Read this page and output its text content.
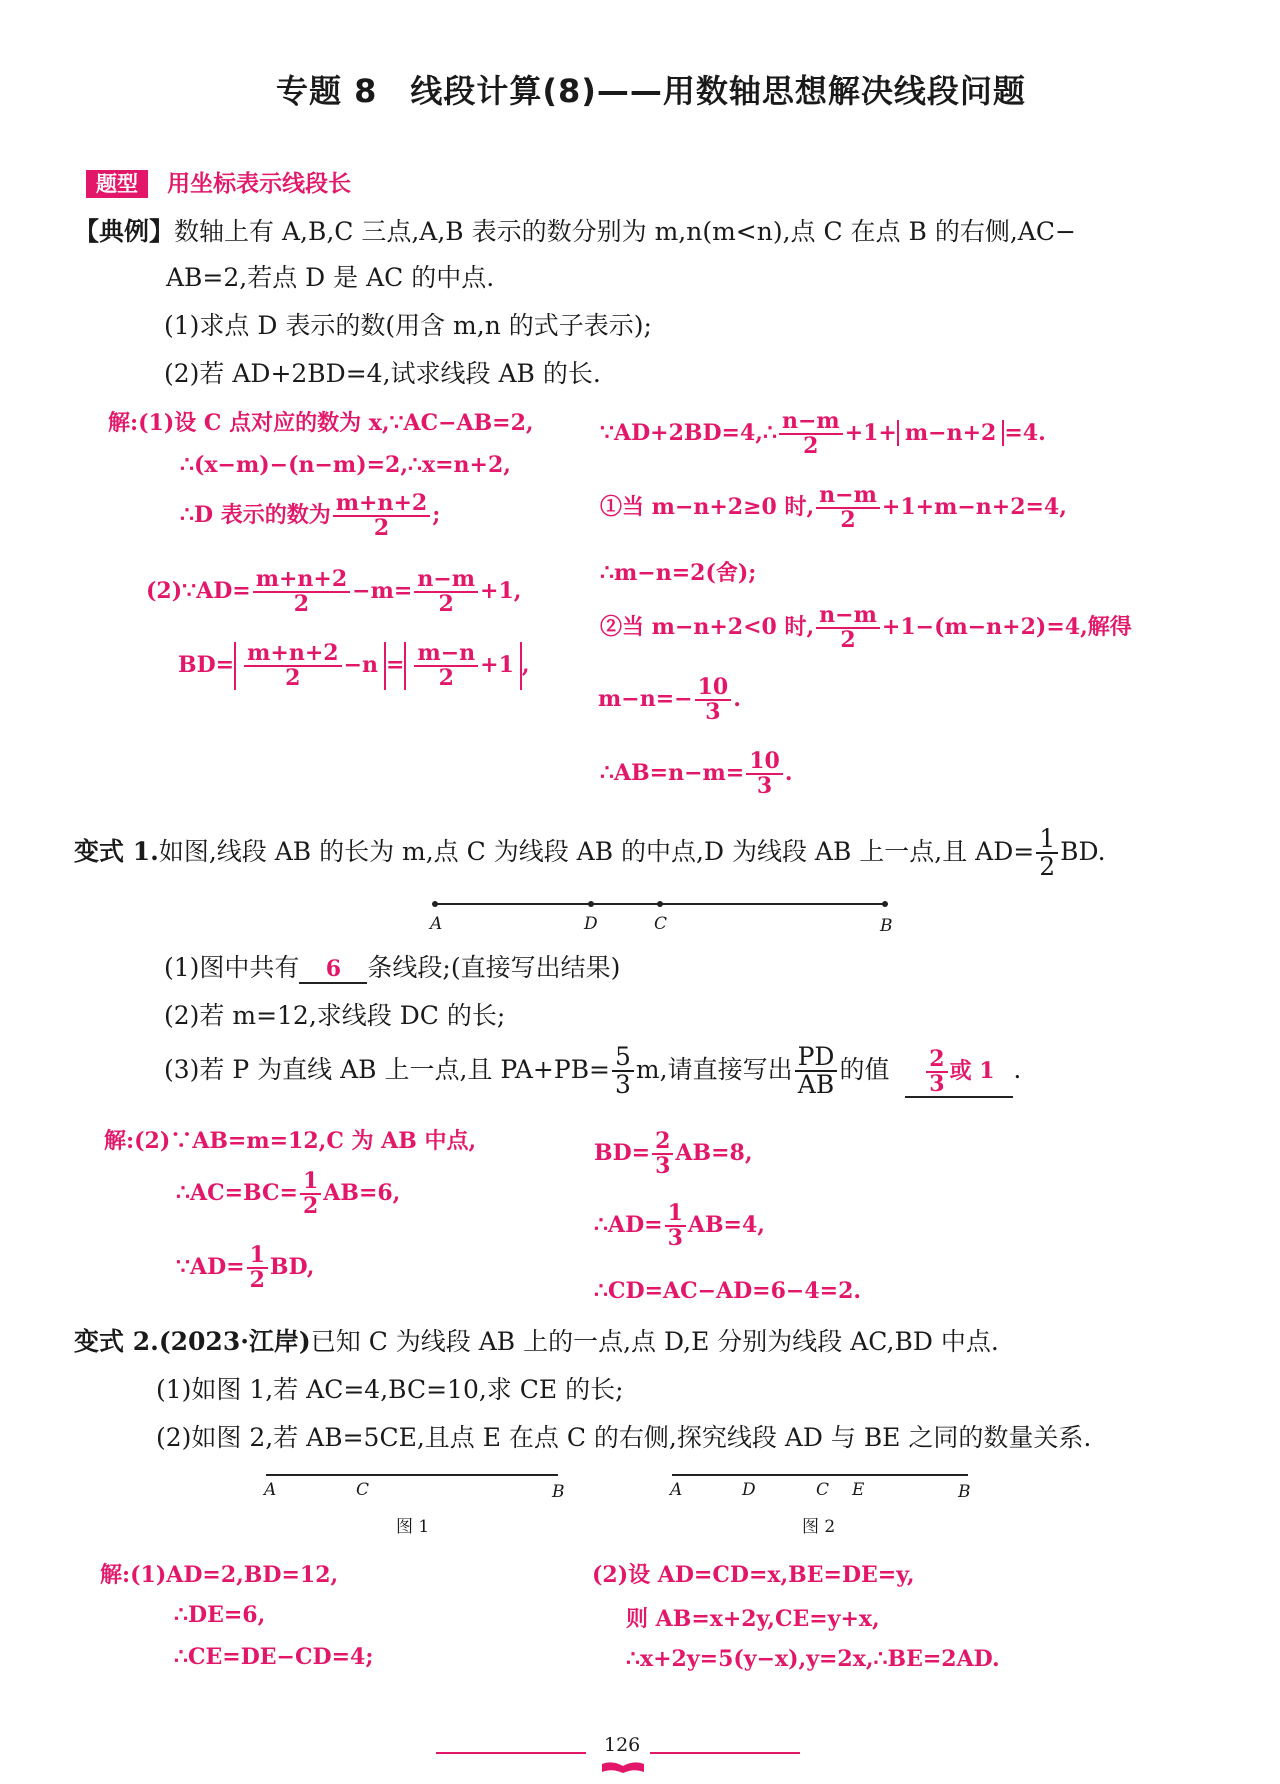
专题 8　线段计算(8)——用数轴思想解决线段问题
题型 用坐标表示线段长
【典例】数轴上有 A,B,C 三点,A,B 表示的数分别为 m,n(m<n),点 C 在点 B 的右侧,AC−
AB=2,若点 D 是 AC 的中点.
(1)求点 D 表示的数(用含 m,n 的式子表示);
(2)若 AD+2BD=4,试求线段 AB 的长.
解:(1)设 C 点对应的数为 x,∵AC−AB=2,
∴(x−m)−(n−m)=2,∴x=n+2,
∴D 表示的数为 $\frac{m+n+2}{2}$ ;
(2)∵AD= $\frac{m+n+2}{2} -m= \frac{n-m}{2} +1$,
$BD= \frac{m+n+2}{2} -n = \frac{m-n}{2} +1$ ,
∵AD+2BD=4,∴ $\frac{n-m}{2} +1+ m-n+2 =4$.
①当 m−n+2≥0 时, $\frac{n-m}{2} +1+m-n+2=4$,
∴m−n=2(舍);
②当 m−n+2<0 时, $\frac{n-m}{2} +1-(m-n+2)=4$,解得
$m-n=- \frac{10}{3}$ .
∴AB=n−m= $\frac{10}{3}$ .
变式 1.如图,线段 AB 的长为 m,点 C 为线段 AB 的中点,D 为线段 AB 上一点,且 $AD= \frac{1}{2}$ BD.
A	D	C	B
(1)图中共有 6 条线段;(直接写出结果)
(2)若 m=12,求线段 DC 的长;
(3)若 P 为直线 AB 上一点,且 $PA+PB= \frac{5}{3} m$,请直接写出 $\frac{PD}{AB}$ 的值 $\frac{2}{3}$ 或 1 .
解:(2)∵AB=m=12,C 为 AB 中点,
∴AC=BC= $\frac{1}{2} AB=6$,
∵AD= $\frac{1}{2}$ BD,
$BD= \frac{2}{3} AB=8$,
∴AD= $\frac{1}{3} AB=4$,
∴CD=AC−AD=6−4=2.
变式 2.(2023·江岸)已知 C 为线段 AB 上的一点,点 D,E 分别为线段 AC,BD 中点.
(1)如图 1,若 AC=4,BC=10,求 CE 的长;
(2)如图 2,若 AB=5CE,且点 E 在点 C 的右侧,探究线段 AD 与 BE 之同的数量关系.
A	C	B
图 1
A	D	C E	B
图 2
解:(1)AD=2,BD=12,
∴DE=6,
∴CE=DE−CD=4;
(2)设 AD=CD=x,BE=DE=y,
则 AB=x+2y,CE=y+x,
∴x+2y=5(y−x),y=2x,∴BE=2AD.
126
